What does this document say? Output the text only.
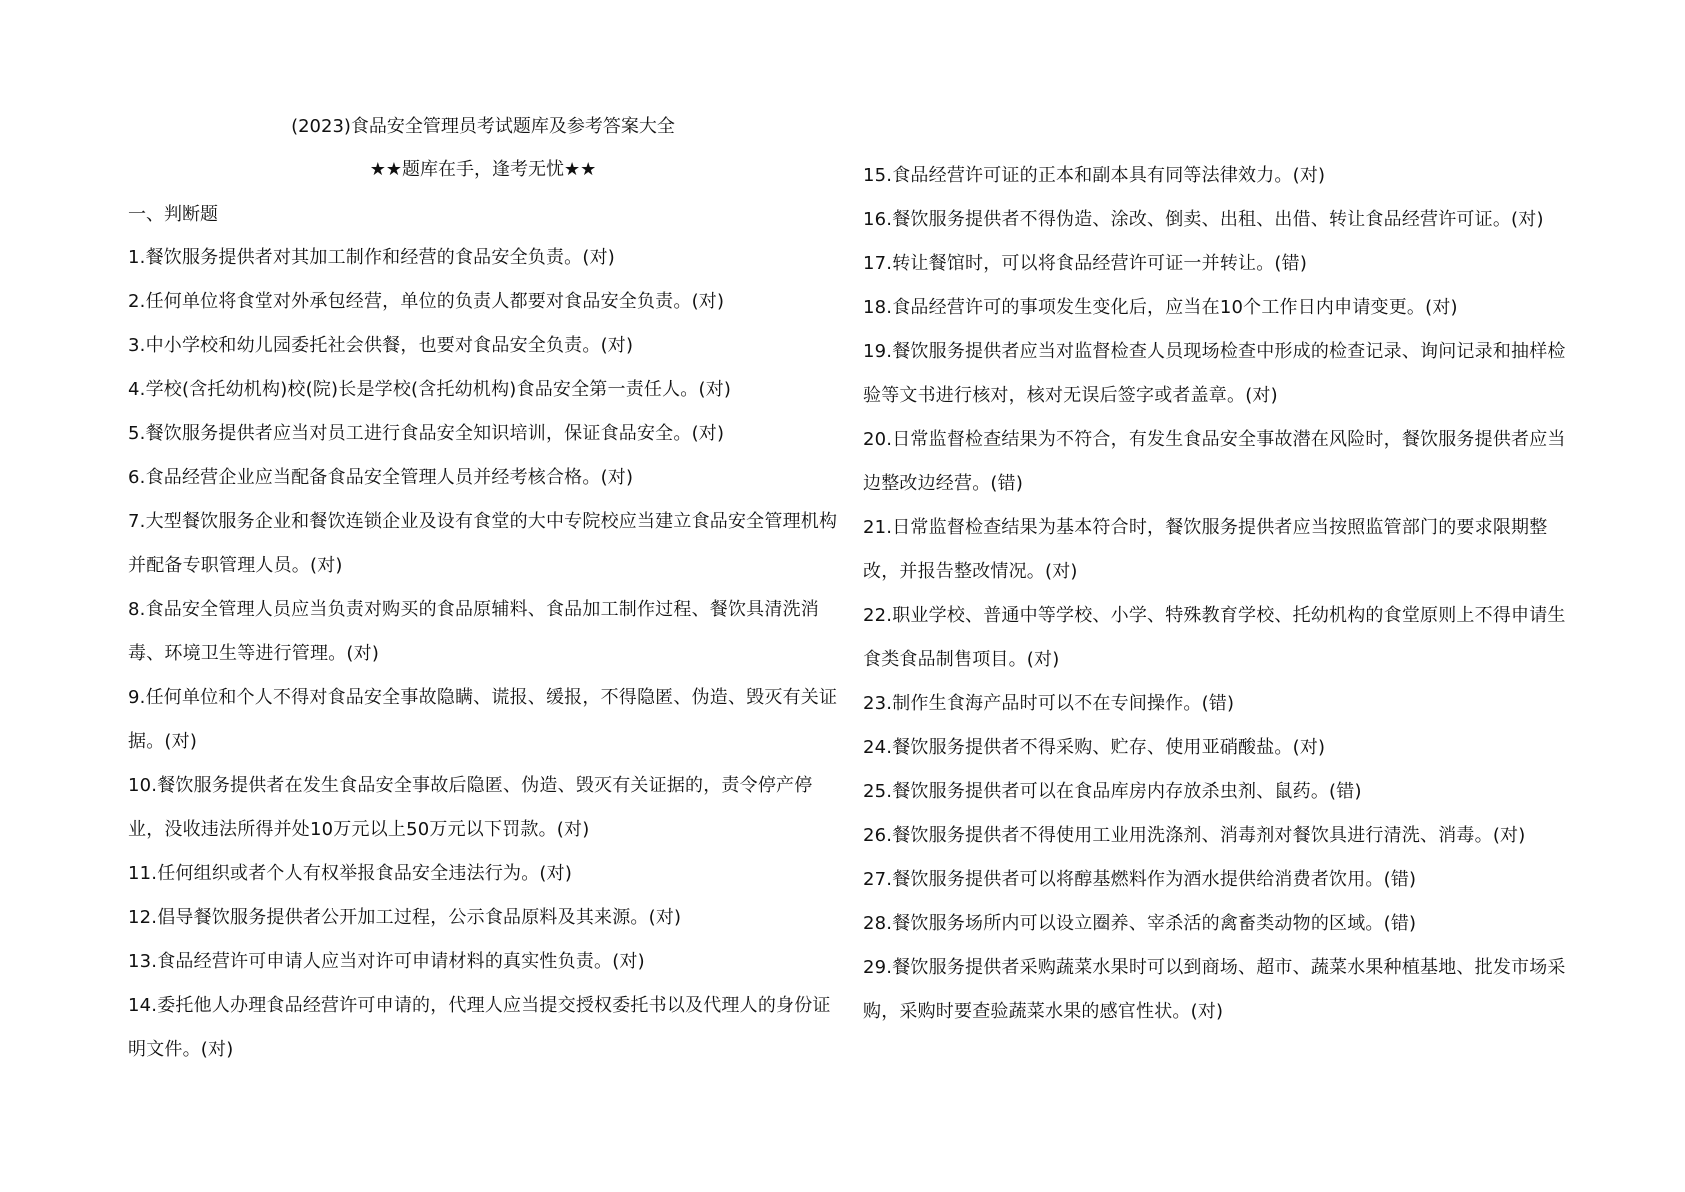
(2023)食品安全管理员考试题库及参考答案大全
★★题库在手，逢考无忧★★
一、判断题
1.餐饮服务提供者对其加工制作和经营的食品安全负责。(对)
2.任何单位将食堂对外承包经营，单位的负责人都要对食品安全负责。(对)
3.中小学校和幼儿园委托社会供餐，也要对食品安全负责。(对)
4.学校(含托幼机构)校(院)长是学校(含托幼机构)食品安全第一责任人。(对)
5.餐饮服务提供者应当对员工进行食品安全知识培训，保证食品安全。(对)
6.食品经营企业应当配备食品安全管理人员并经考核合格。(对)
7.大型餐饮服务企业和餐饮连锁企业及设有食堂的大中专院校应当建立食品安全管理机构并配备专职管理人员。(对)
8.食品安全管理人员应当负责对购买的食品原辅料、食品加工制作过程、餐饮具清洗消毒、环境卫生等进行管理。(对)
9.任何单位和个人不得对食品安全事故隐瞒、谎报、缓报，不得隐匿、伪造、毁灭有关证据。(对)
10.餐饮服务提供者在发生食品安全事故后隐匿、伪造、毁灭有关证据的，责令停产停业，没收违法所得并处10万元以上50万元以下罚款。(对)
11.任何组织或者个人有权举报食品安全违法行为。(对)
12.倡导餐饮服务提供者公开加工过程，公示食品原料及其来源。(对)
13.食品经营许可申请人应当对许可申请材料的真实性负责。(对)
14.委托他人办理食品经营许可申请的，代理人应当提交授权委托书以及代理人的身份证明文件。(对)
15.食品经营许可证的正本和副本具有同等法律效力。(对)
16.餐饮服务提供者不得伪造、涂改、倒卖、出租、出借、转让食品经营许可证。(对)
17.转让餐馆时，可以将食品经营许可证一并转让。(错)
18.食品经营许可的事项发生变化后，应当在10个工作日内申请变更。(对)
19.餐饮服务提供者应当对监督检查人员现场检查中形成的检查记录、询问记录和抽样检验等文书进行核对，核对无误后签字或者盖章。(对)
20.日常监督检查结果为不符合，有发生食品安全事故潜在风险时，餐饮服务提供者应当边整改边经营。(错)
21.日常监督检查结果为基本符合时，餐饮服务提供者应当按照监管部门的要求限期整改，并报告整改情况。(对)
22.职业学校、普通中等学校、小学、特殊教育学校、托幼机构的食堂原则上不得申请生食类食品制售项目。(对)
23.制作生食海产品时可以不在专间操作。(错)
24.餐饮服务提供者不得采购、贮存、使用亚硝酸盐。(对)
25.餐饮服务提供者可以在食品库房内存放杀虫剂、鼠药。(错)
26.餐饮服务提供者不得使用工业用洗涤剂、消毒剂对餐饮具进行清洗、消毒。(对)
27.餐饮服务提供者可以将醇基燃料作为酒水提供给消费者饮用。(错)
28.餐饮服务场所内可以设立圈养、宰杀活的禽畜类动物的区域。(错)
29.餐饮服务提供者采购蔬菜水果时可以到商场、超市、蔬菜水果种植基地、批发市场采购，采购时要查验蔬菜水果的感官性状。(对)
